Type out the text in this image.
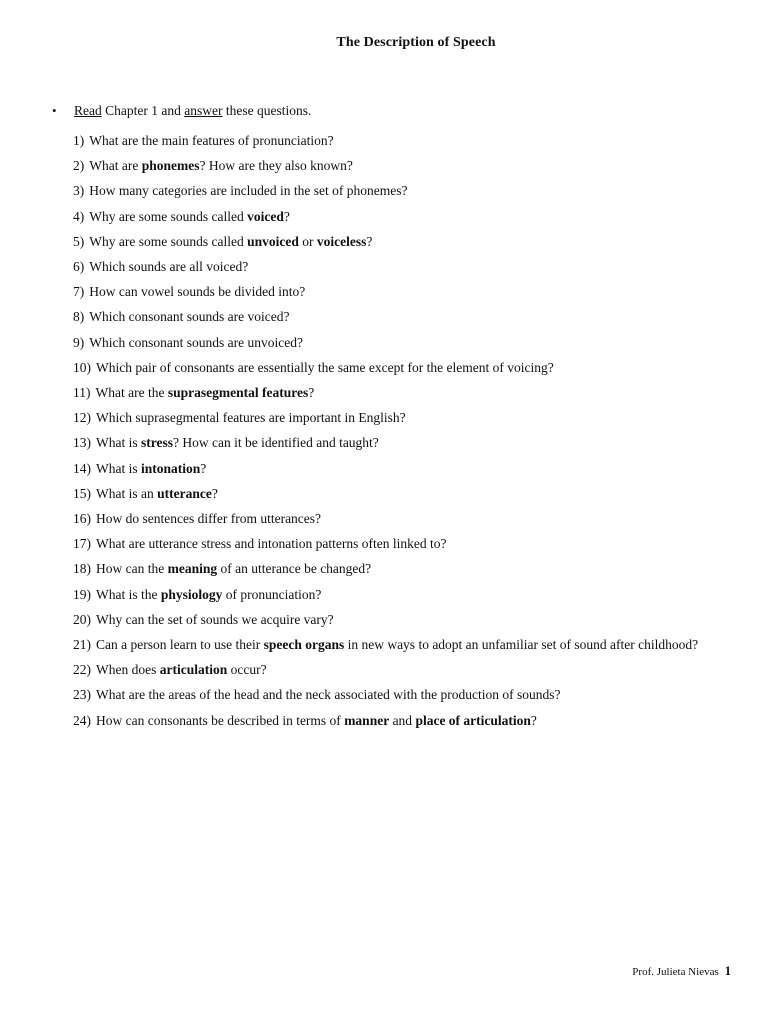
The Description of Speech
• Read Chapter 1 and answer these questions.
1) What are the main features of pronunciation?
2) What are phonemes? How are they also known?
3) How many categories are included in the set of phonemes?
4) Why are some sounds called voiced?
5) Why are some sounds called unvoiced or voiceless?
6) Which sounds are all voiced?
7) How can vowel sounds be divided into?
8) Which consonant sounds are voiced?
9) Which consonant sounds are unvoiced?
10) Which pair of consonants are essentially the same except for the element of voicing?
11) What are the suprasegmental features?
12) Which suprasegmental features are important in English?
13) What is stress? How can it be identified and taught?
14) What is intonation?
15) What is an utterance?
16) How do sentences differ from utterances?
17) What are utterance stress and intonation patterns often linked to?
18) How can the meaning of an utterance be changed?
19) What is the physiology of pronunciation?
20) Why can the set of sounds we acquire vary?
21) Can a person learn to use their speech organs in new ways to adopt an unfamiliar set of sound after childhood?
22) When does articulation occur?
23) What are the areas of the head and the neck associated with the production of sounds?
24) How can consonants be described in terms of manner and place of articulation?
Prof. Julieta Nievas 1
